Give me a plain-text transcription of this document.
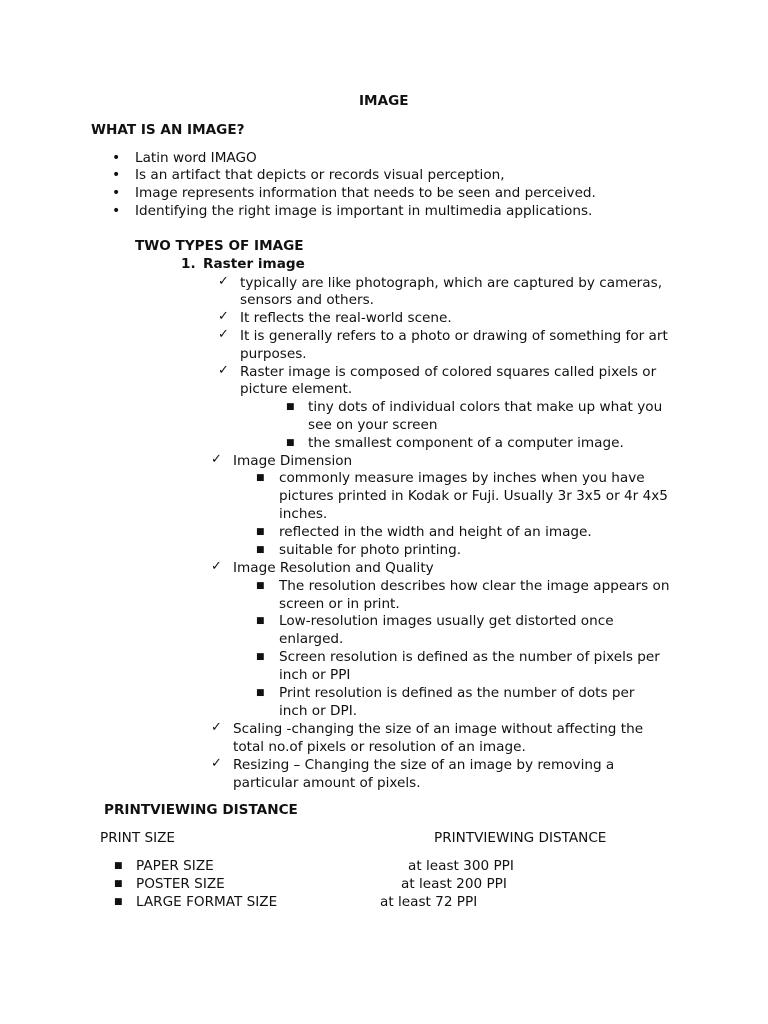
IMAGE
WHAT IS AN IMAGE?
• Latin word IMAGO
• Is an artifact that depicts or records visual perception,
• Image represents information that needs to be seen and perceived.
• Identifying the right image is important in multimedia applications.
TWO TYPES OF IMAGE
1. Raster image
✓ typically are like photograph, which are captured by cameras,
sensors and others.
✓ It reflects the real-world scene.
✓ It is generally refers to a photo or drawing of something for art
purposes.
✓ Raster image is composed of colored squares called pixels or
picture element.
■ tiny dots of individual colors that make up what you
see on your screen
■ the smallest component of a computer image.
✓ Image Dimension
■ commonly measure images by inches when you have
pictures printed in Kodak or Fuji. Usually 3r 3x5 or 4r 4x5
inches.
■ reflected in the width and height of an image.
■ suitable for photo printing.
✓ Image Resolution and Quality
■ The resolution describes how clear the image appears on
screen or in print.
■ Low-resolution images usually get distorted once
enlarged.
■ Screen resolution is defined as the number of pixels per
inch or PPI
■ Print resolution is defined as the number of dots per
inch or DPI.
✓ Scaling -changing the size of an image without affecting the
total no.of pixels or resolution of an image.
✓ Resizing – Changing the size of an image by removing a
particular amount of pixels.
PRINTVIEWING DISTANCE
PRINT SIZE	PRINTVIEWING DISTANCE
■ PAPER SIZE	at least 300 PPI
■ POSTER SIZE	at least 200 PPI
■ LARGE FORMAT SIZE	at least 72 PPI
